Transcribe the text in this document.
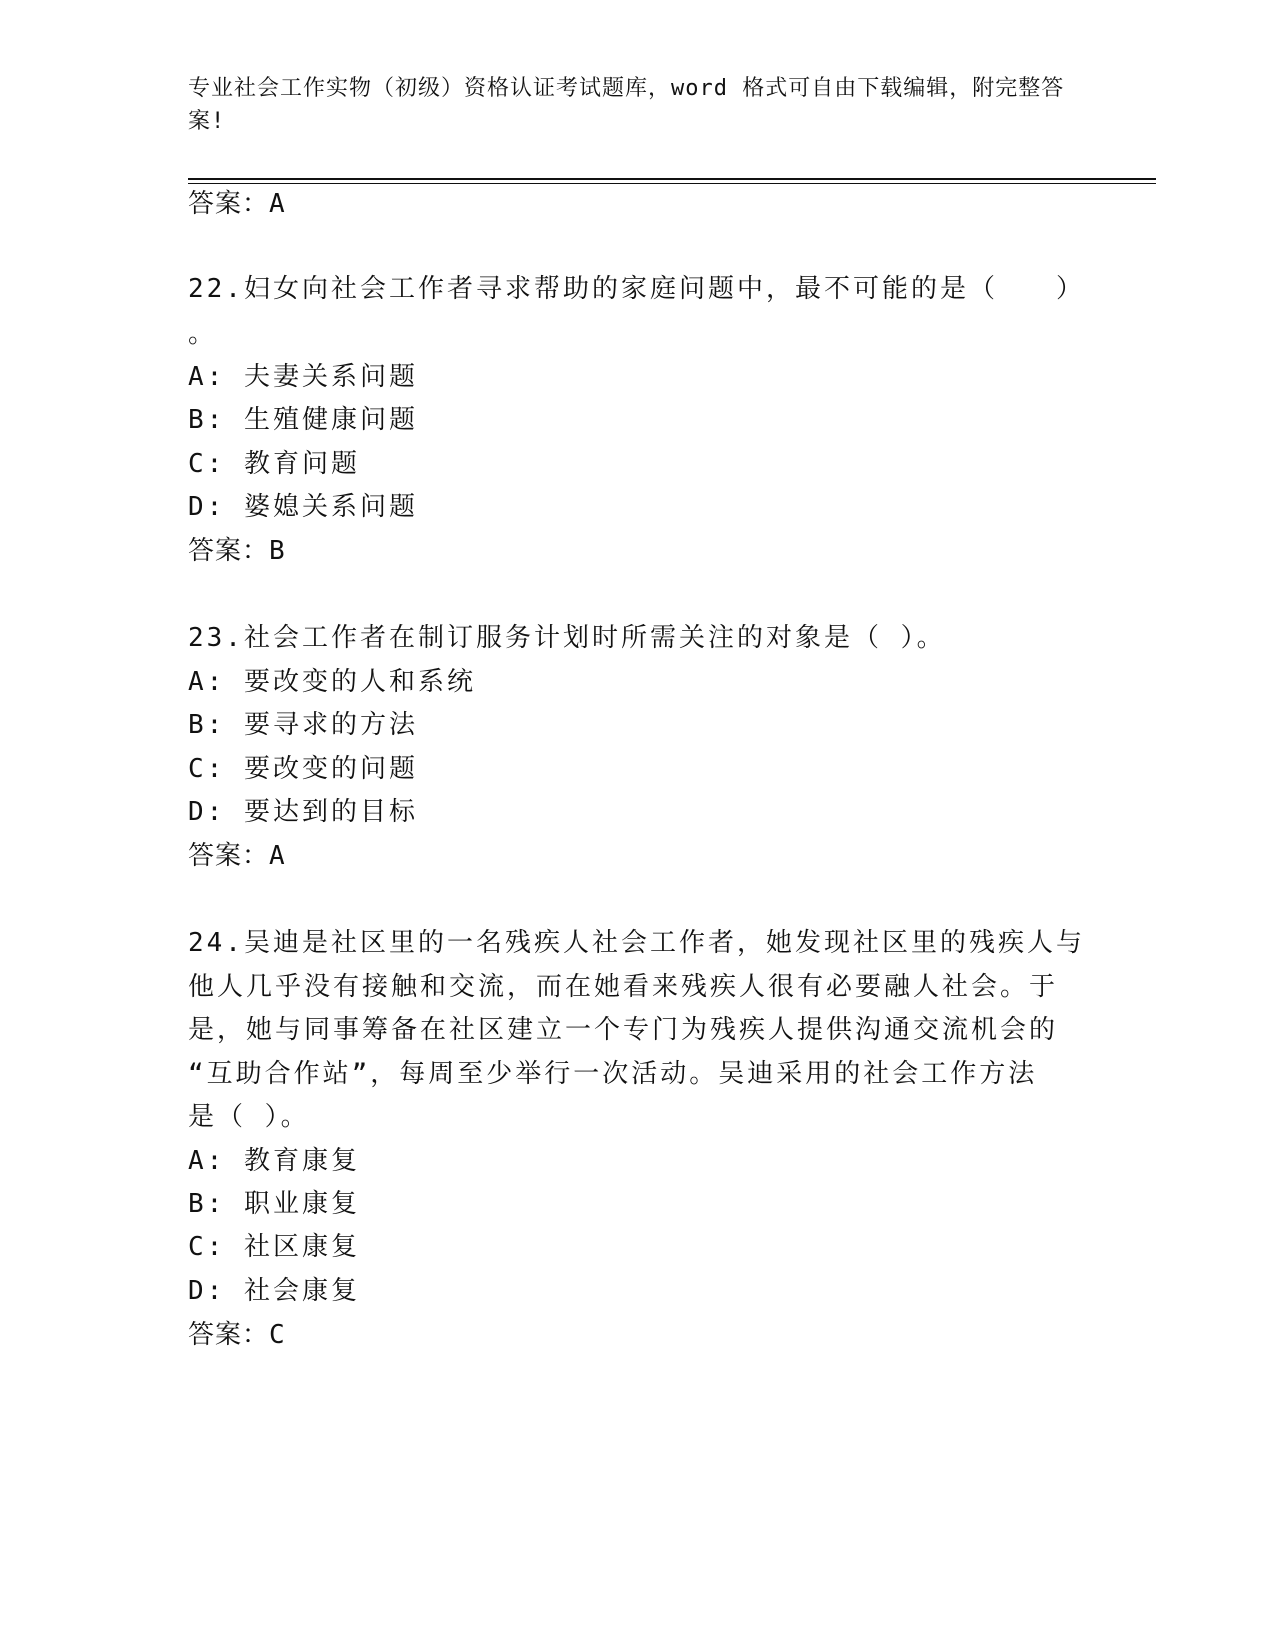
专业社会工作实物（初级）资格认证考试题库，word 格式可自由下载编辑，附完整答案!
答案：A
22.妇女向社会工作者寻求帮助的家庭问题中，最不可能的是（　　）
。
A: 夫妻关系问题
B: 生殖健康问题
C: 教育问题
D: 婆媳关系问题
答案：B
23.社会工作者在制订服务计划时所需关注的对象是（ ）。
A: 要改变的人和系统
B: 要寻求的方法
C: 要改变的问题
D: 要达到的目标
答案：A
24.吴迪是社区里的一名残疾人社会工作者，她发现社区里的残疾人与
他人几乎没有接触和交流，而在她看来残疾人很有必要融人社会。于
是，她与同事筹备在社区建立一个专门为残疾人提供沟通交流机会的
“互助合作站”，每周至少举行一次活动。吴迪采用的社会工作方法
是（ ）。
A: 教育康复
B: 职业康复
C: 社区康复
D: 社会康复
答案：C
